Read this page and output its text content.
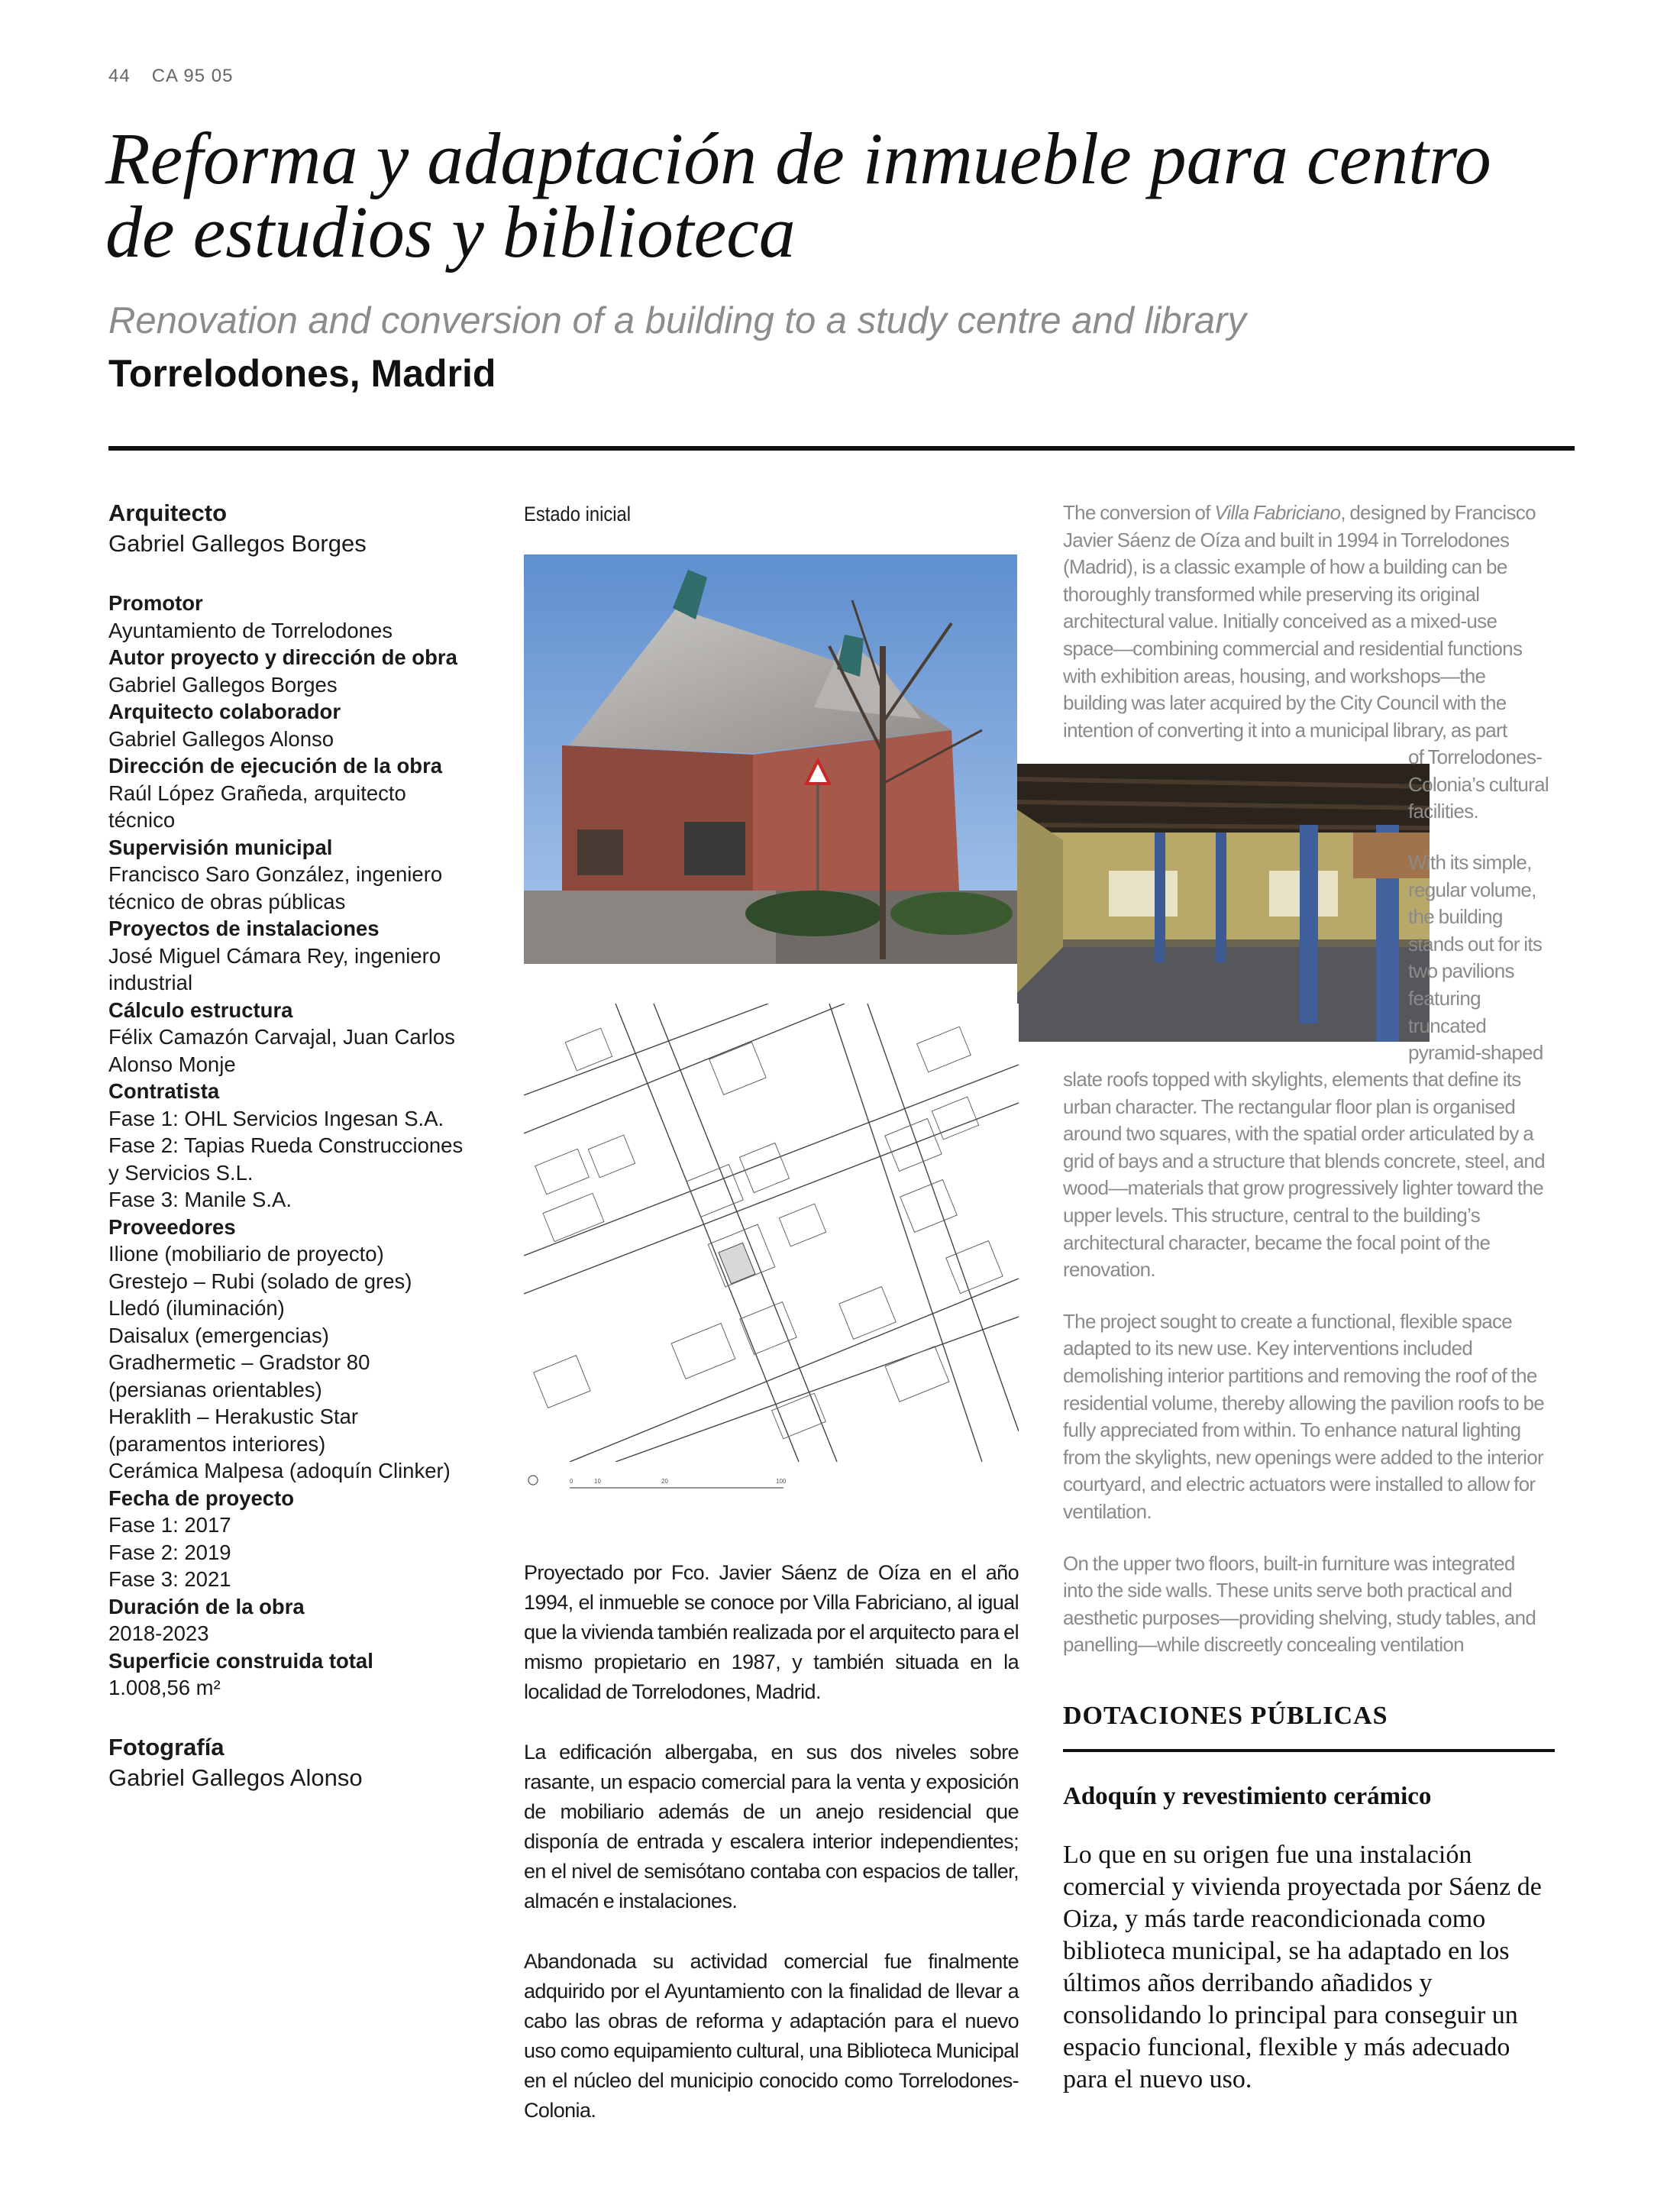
44 CA 95 05
Reforma y adaptación de inmueble para centro
de estudios y biblioteca
Renovation and conversion of a building to a study centre and library
Torrelodones, Madrid
Arquitecto
Gabriel Gallegos Borges
Promotor
Ayuntamiento de Torrelodones
Autor proyecto y dirección de obra
Gabriel Gallegos Borges
Arquitecto colaborador
Gabriel Gallegos Alonso
Dirección de ejecución de la obra
Raúl López Grañeda, arquitecto
técnico
Supervisión municipal
Francisco Saro González, ingeniero
técnico de obras públicas
Proyectos de instalaciones
José Miguel Cámara Rey, ingeniero
industrial
Cálculo estructura
Félix Camazón Carvajal, Juan Carlos
Alonso Monje
Contratista
Fase 1: OHL Servicios Ingesan S.A.
Fase 2: Tapias Rueda Construcciones
y Servicios S.L.
Fase 3: Manile S.A.
Proveedores
Ilione (mobiliario de proyecto)
Grestejo – Rubi (solado de gres)
Lledó (iluminación)
Daisalux (emergencias)
Gradhermetic – Gradstor 80
(persianas orientables)
Heraklith – Herakustic Star
(paramentos interiores)
Cerámica Malpesa (adoquín Clinker)
Fecha de proyecto
Fase 1: 2017
Fase 2: 2019
Fase 3: 2021
Duración de la obra
2018-2023
Superficie construida total
1.008,56 m²
Fotografía
Gabriel Gallegos Alonso
Estado inicial
0	10	20	100

Proyectado por Fco. Javier Sáenz de Oíza en el año 1994, el inmueble se conoce por Villa Fabriciano, al igual que la vivienda también realizada por el arquitecto para el mismo propietario en 1987, y también situada en la localidad de Torrelodones, Madrid.

La edificación albergaba, en sus dos niveles sobre rasante, un espacio comercial para la venta y exposición de mobiliario además de un anejo residencial que disponía de entrada y escalera interior independientes; en el nivel de semisótano contaba con espacios de taller, almacén e instalaciones.

Abandonada su actividad comercial fue finalmente adquirido por el Ayuntamiento con la finalidad de llevar a cabo las obras de reforma y adaptación para el nuevo uso como equipamiento cultural, una Biblioteca Municipal en el núcleo del municipio conocido como Torrelodones-Colonia.

The conversion of Villa Fabriciano, designed by Francisco Javier Sáenz de Oíza and built in 1994 in Torrelodones (Madrid), is a classic example of how a building can be thoroughly transformed while preserving its original architectural value. Initially conceived as a mixed-use space—combining commercial and residential functions with exhibition areas, housing, and workshops—the building was later acquired by the City Council with the intention of converting it into a municipal library, as part
of Torrelodones-Colonia’s cultural facilities.
With its simple, regular volume, the building stands out for its two pavilions featuring truncated pyramid-shaped

slate roofs topped with skylights, elements that define its urban character. The rectangular floor plan is organised around two squares, with the spatial order articulated by a grid of bays and a structure that blends concrete, steel, and wood—materials that grow progressively lighter toward the upper levels. This structure, central to the building’s architectural character, became the focal point of the renovation.

The project sought to create a functional, flexible space adapted to its new use. Key interventions included demolishing interior partitions and removing the roof of the residential volume, thereby allowing the pavilion roofs to be fully appreciated from within. To enhance natural lighting from the skylights, new openings were added to the interior courtyard, and electric actuators were installed to allow for ventilation.

On the upper two floors, built-in furniture was integrated into the side walls. These units serve both practical and aesthetic purposes—providing shelving, study tables, and panelling—while discreetly concealing ventilation

DOTACIONES PÚBLICAS
Adoquín y revestimiento cerámico
Lo que en su origen fue una instalación comercial y vivienda proyectada por Sáenz de Oiza, y más tarde reacondicionada como biblioteca municipal, se ha adaptado en los últimos años derribando añadidos y consolidando lo principal para conseguir un espacio funcional, flexible y más adecuado para el nuevo uso.
